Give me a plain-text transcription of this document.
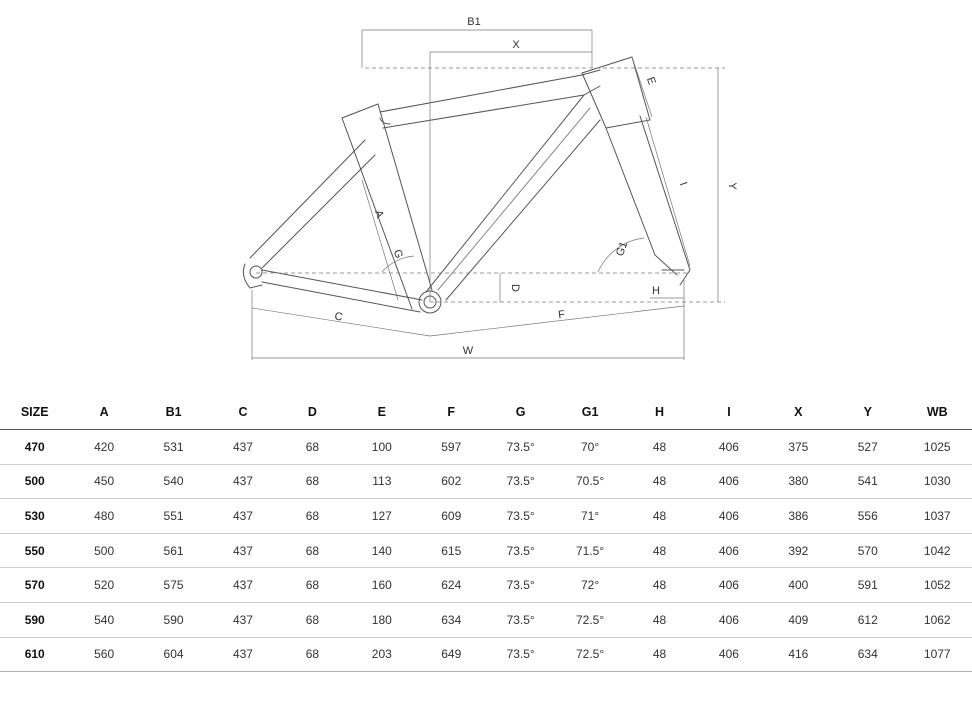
B1
X
E
Y
I
A
G	G1
D	H
C	F
W
SIZE	A	B1	C	D	E	F	G	G1	H	I	X	Y	WB
470	420	531	437	68	100	597	73.5°	70°	48	406	375	527	1025
500	450	540	437	68	113	602	73.5°	70.5°	48	406	380	541	1030
530	480	551	437	68	127	609	73.5°	71°	48	406	386	556	1037
550	500	561	437	68	140	615	73.5°	71.5°	48	406	392	570	1042
570	520	575	437	68	160	624	73.5°	72°	48	406	400	591	1052
590	540	590	437	68	180	634	73.5°	72.5°	48	406	409	612	1062
610	560	604	437	68	203	649	73.5°	72.5°	48	406	416	634	1077
